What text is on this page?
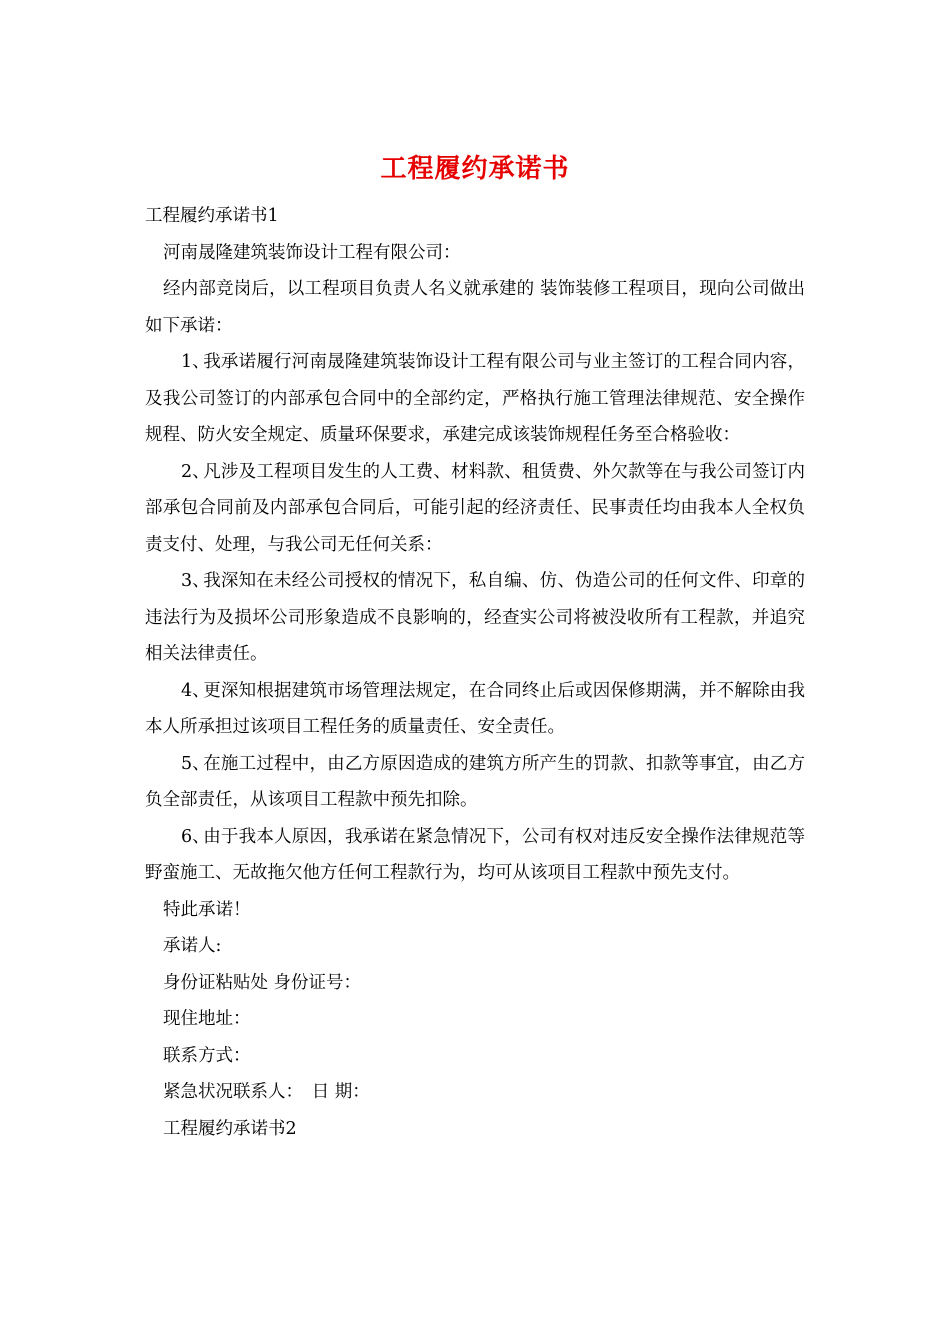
工程履约承诺书

工程履约承诺书1

河南晟隆建筑装饰设计工程有限公司：

经内部竞岗后，以工程项目负责人名义就承建的 装饰装修工程项目，现向公司做出如下承诺：

1、我承诺履行河南晟隆建筑装饰设计工程有限公司与业主签订的工程合同内容，及我公司签订的内部承包合同中的全部约定，严格执行施工管理法律规范、安全操作规程、防火安全规定、质量环保要求，承建完成该装饰规程任务至合格验收：

2、凡涉及工程项目发生的人工费、材料款、租赁费、外欠款等在与我公司签订内部承包合同前及内部承包合同后，可能引起的经济责任、民事责任均由我本人全权负责支付、处理，与我公司无任何关系：

3、我深知在未经公司授权的情况下，私自编、仿、伪造公司的任何文件、印章的违法行为及损坏公司形象造成不良影响的，经查实公司将被没收所有工程款，并追究相关法律责任。

4、更深知根据建筑市场管理法规定，在合同终止后或因保修期满，并不解除由我本人所承担过该项目工程任务的质量责任、安全责任。

5、在施工过程中，由乙方原因造成的建筑方所产生的罚款、扣款等事宜，由乙方负全部责任，从该项目工程款中预先扣除。

6、由于我本人原因，我承诺在紧急情况下，公司有权对违反安全操作法律规范等野蛮施工、无故拖欠他方任何工程款行为，均可从该项目工程款中预先支付。

特此承诺！

承诺人:

身份证粘贴处 身份证号：

现住地址：

联系方式：

紧急状况联系人：　日 期：

工程履约承诺书2
